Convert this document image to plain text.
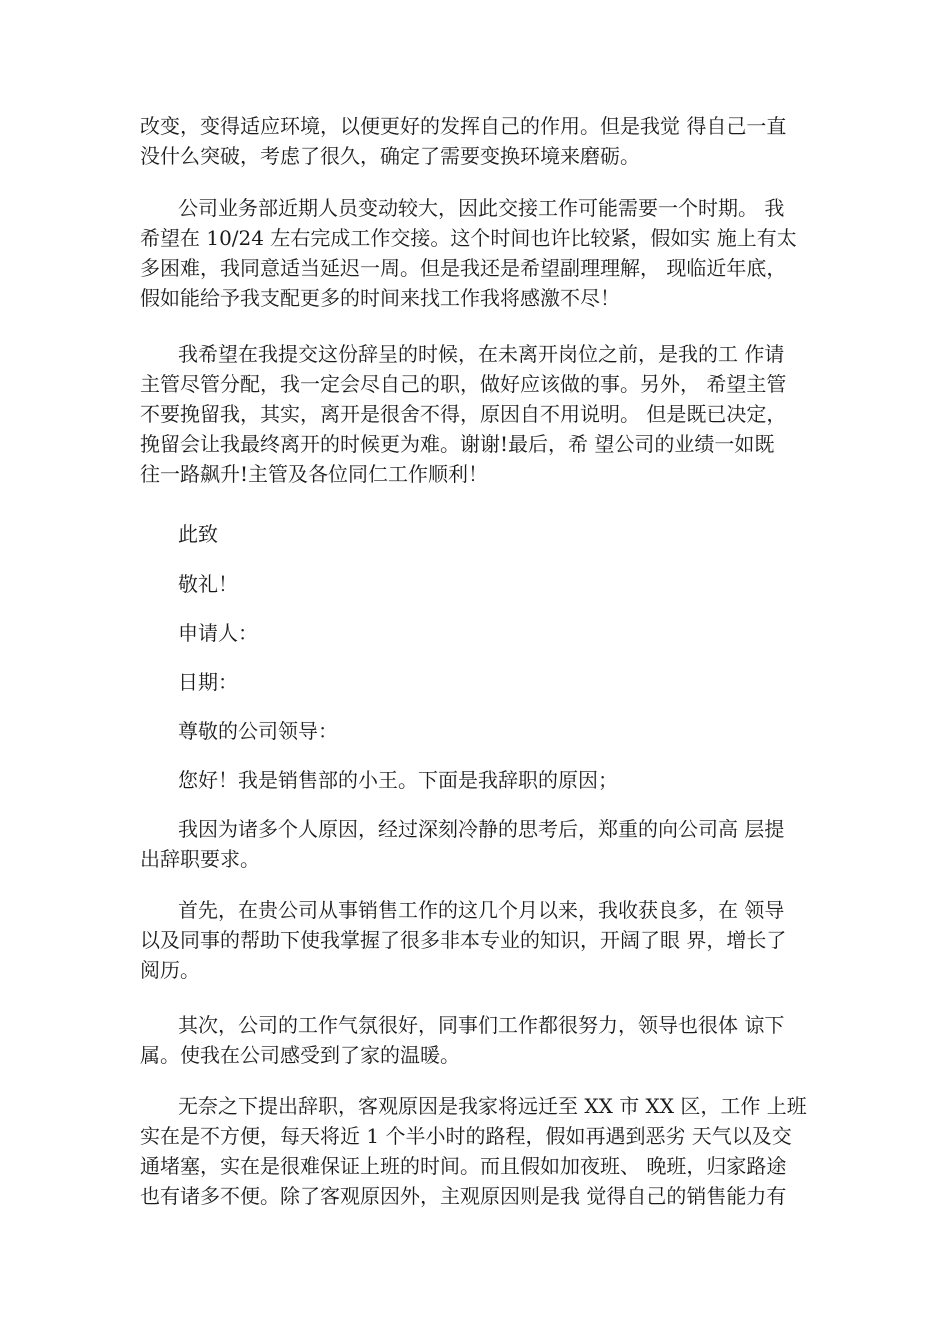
改变，变得适应环境，以便更好的发挥自己的作用。但是我觉 得自己一直
没什么突破，考虑了很久，确定了需要变换环境来磨砺。

公司业务部近期人员变动较大，因此交接工作可能需要一个时期。 我
希望在 10/24 左右完成工作交接。这个时间也许比较紧，假如实 施上有太
多困难，我同意适当延迟一周。但是我还是希望副理理解， 现临近年底，
假如能给予我支配更多的时间来找工作我将感激不尽！

我希望在我提交这份辞呈的时候，在未离开岗位之前，是我的工 作请
主管尽管分配，我一定会尽自己的职，做好应该做的事。另外， 希望主管
不要挽留我，其实，离开是很舍不得，原因自不用说明。 但是既已决定，
挽留会让我最终离开的时候更为难。谢谢!最后，希 望公司的业绩一如既
往一路飙升!主管及各位同仁工作顺利！

此致

敬礼！

申请人：

日期：

尊敬的公司领导：

您好！我是销售部的小王。下面是我辞职的原因；

我因为诸多个人原因，经过深刻冷静的思考后，郑重的向公司高 层提
出辞职要求。

首先，在贵公司从事销售工作的这几个月以来，我收获良多，在 领导
以及同事的帮助下使我掌握了很多非本专业的知识，开阔了眼 界，增长了
阅历。

其次，公司的工作气氛很好，同事们工作都很努力，领导也很体 谅下
属。使我在公司感受到了家的温暖。

无奈之下提出辞职，客观原因是我家将远迁至 XX 市 XX 区，工作 上班
实在是不方便，每天将近 1 个半小时的路程，假如再遇到恶劣 天气以及交
通堵塞，实在是很难保证上班的时间。而且假如加夜班、 晚班，归家路途
也有诸多不便。除了客观原因外，主观原因则是我 觉得自己的销售能力有
